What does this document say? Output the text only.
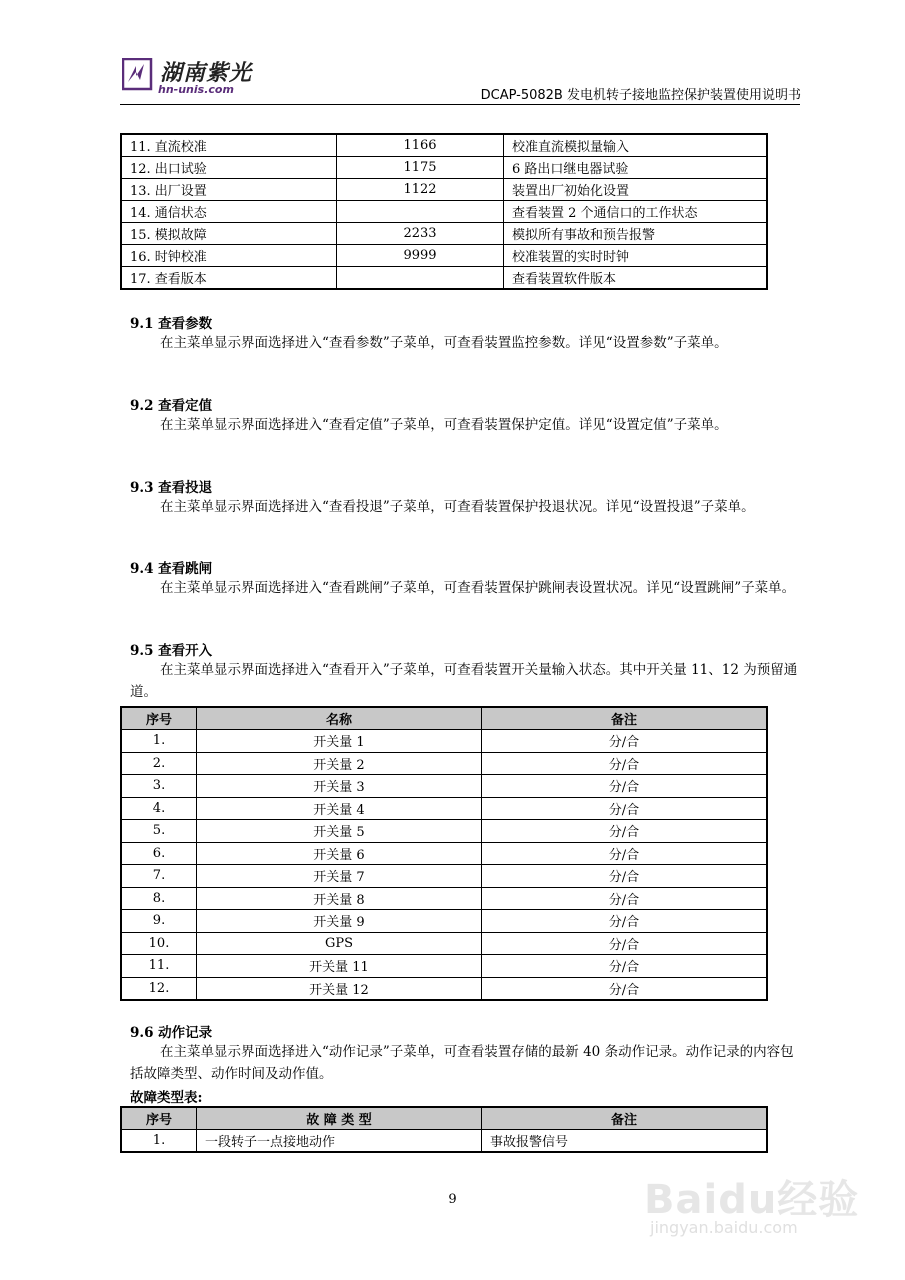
湖南紫光
hn-unis.com	DCAP-5082B 发电机转子接地监控保护装置使用说明书
11. 直流校准	1166	校准直流模拟量输入
12. 出口试验	1175	6 路出口继电器试验
13. 出厂设置	1122	装置出厂初始化设置
14. 通信状态		查看装置 2 个通信口的工作状态
15. 模拟故障	2233	模拟所有事故和预告报警
16. 时钟校准	9999	校准装置的实时时钟
17. 查看版本		查看装置软件版本
9.1 查看参数
在主菜单显示界面选择进入“查看参数”子菜单，可查看装置监控参数。详见“设置参数”子菜单。
9.2 查看定值
在主菜单显示界面选择进入“查看定值”子菜单，可查看装置保护定值。详见“设置定值”子菜单。
9.3 查看投退
在主菜单显示界面选择进入“查看投退”子菜单，可查看装置保护投退状况。详见“设置投退”子菜单。
9.4 查看跳闸
在主菜单显示界面选择进入“查看跳闸”子菜单，可查看装置保护跳闸表设置状况。详见“设置跳闸”子菜单。
9.5 查看开入
在主菜单显示界面选择进入“查看开入”子菜单，可查看装置开关量输入状态。其中开关量 11、12 为预留通道。
序号	名称	备注
1.	开关量 1	分/合
2.	开关量 2	分/合
3.	开关量 3	分/合
4.	开关量 4	分/合
5.	开关量 5	分/合
6.	开关量 6	分/合
7.	开关量 7	分/合
8.	开关量 8	分/合
9.	开关量 9	分/合
10.	GPS	分/合
11.	开关量 11	分/合
12.	开关量 12	分/合
9.6 动作记录
在主菜单显示界面选择进入“动作记录”子菜单，可查看装置存储的最新 40 条动作记录。动作记录的内容包括故障类型、动作时间及动作值。
故障类型表:
序号	故 障 类 型	备注
1.	一段转子一点接地动作	事故报警信号
9	Baidu经验
jingyan.baidu.com
